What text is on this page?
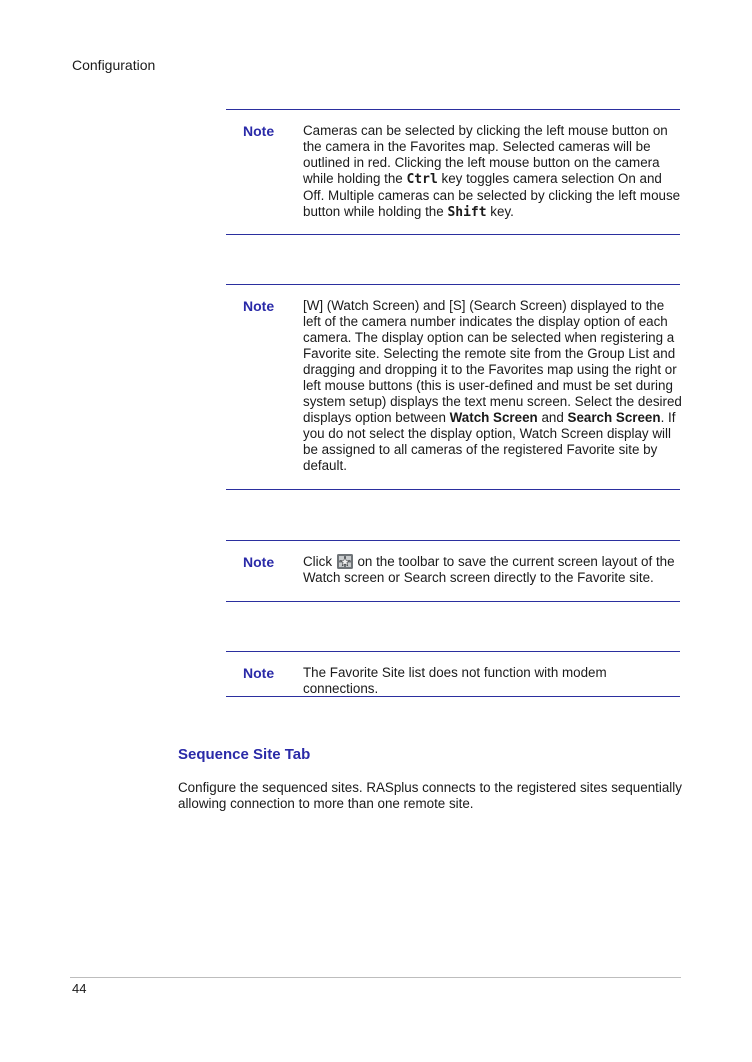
Configuration
Note Cameras can be selected by clicking the left mouse button on the camera in the Favorites map. Selected cameras will be outlined in red. Clicking the left mouse button on the camera while holding the Ctrl key toggles camera selection On and Off. Multiple cameras can be selected by clicking the left mouse button while holding the Shift key.
Note [W] (Watch Screen) and [S] (Search Screen) displayed to the left of the camera number indicates the display option of each camera. The display option can be selected when registering a Favorite site. Selecting the remote site from the Group List and dragging and dropping it to the Favorites map using the right or left mouse buttons (this is user-defined and must be set during system setup) displays the text menu screen. Select the desired displays option between Watch Screen and Search Screen. If you do not select the display option, Watch Screen display will be assigned to all cameras of the registered Favorite site by default.
Note Click  on the toolbar to save the current screen layout of the Watch screen or Search screen directly to the Favorite site.
Note The Favorite Site list does not function with modem connections.
Sequence Site Tab
Configure the sequenced sites. RASplus connects to the registered sites sequentially allowing connection to more than one remote site.
44
